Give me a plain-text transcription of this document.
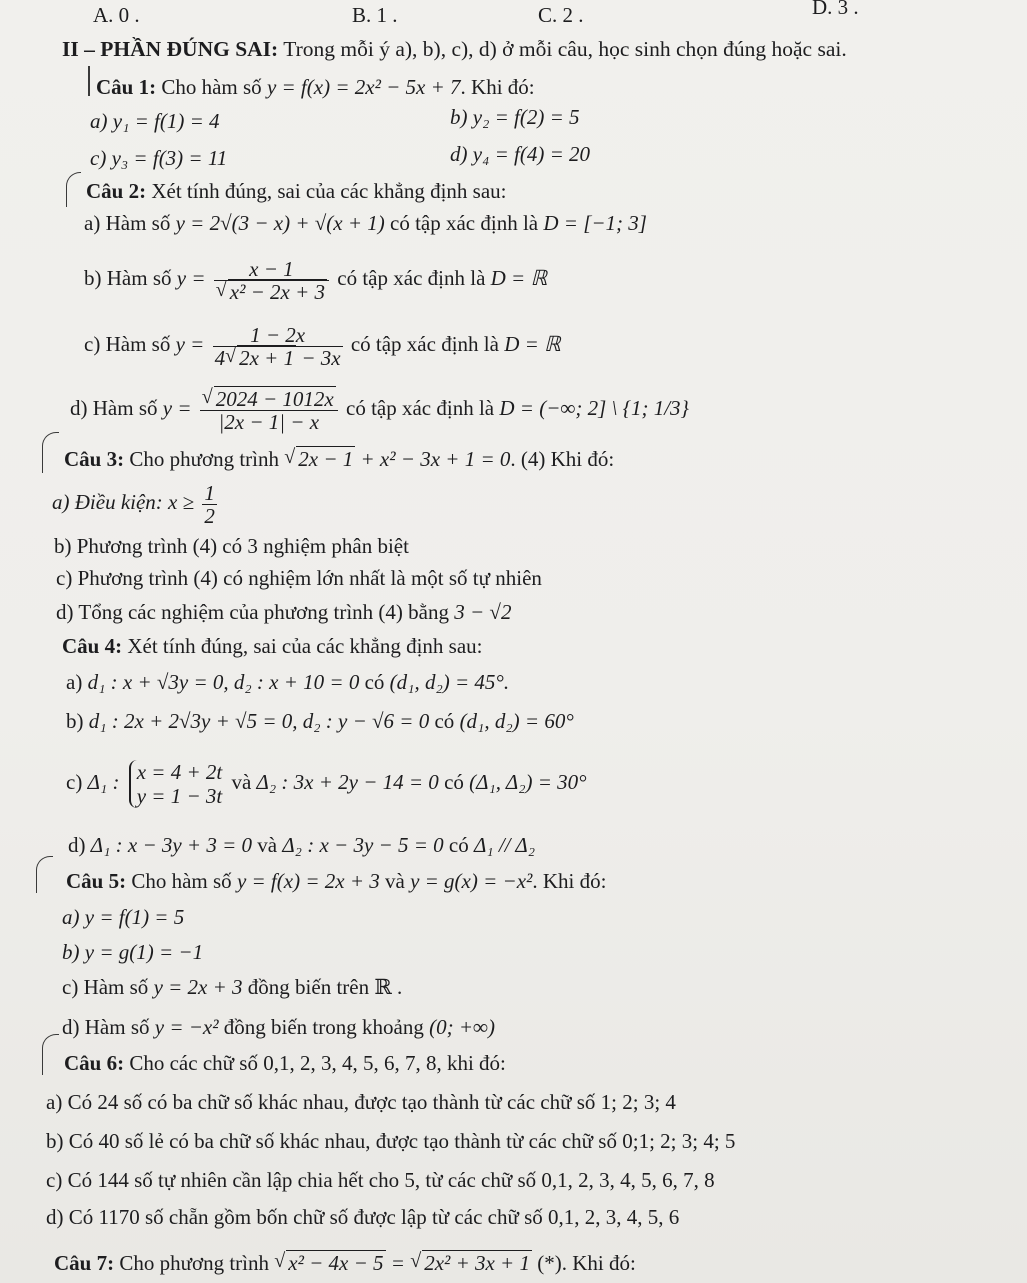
A. 0 .	B. 1 .	C. 2 .	D. 3 .
II – PHẦN ĐÚNG SAI: Trong mỗi ý a), b), c), d) ở mỗi câu, học sinh chọn đúng hoặc sai.
Câu 1: Cho hàm số y = f(x) = 2x² − 5x + 7. Khi đó:
a) y₁ = f(1) = 4	b) y₂ = f(2) = 5
c) y₃ = f(3) = 11	d) y₄ = f(4) = 20
Câu 2: Xét tính đúng, sai của các khẳng định sau:
a) Hàm số y = 2√(3 − x) + √(x + 1) có tập xác định là D = [−1; 3]
b) Hàm số y = x − 1
√ x² − 2x + 3 có tập xác định là D = ℝ
c) Hàm số $y = \frac{1 - 2x}{4 √ 2x + 1 - 3x}$ có tập xác định là D = ℝ
d) Hàm số y = √ $\frac{2024 - 1012x}{|2x - 1| - x}$ có tập xác định là D = (−∞; 2] \ {1; 1/3}
Câu 3: Cho phương trình √ 2x − 1 + x² − 3x + 1 = 0. (4) Khi đó:
a) Điều kiện: $x \ge \frac{1}{2}$
b) Phương trình (4) có 3 nghiệm phân biệt
c) Phương trình (4) có nghiệm lớn nhất là một số tự nhiên
d) Tổng các nghiệm của phương trình (4) bằng 3 − √2
Câu 4: Xét tính đúng, sai của các khẳng định sau:
a) d₁ : x + √3y = 0, d₂ : x + 10 = 0 có (d₁, d₂) = 45°.
b) d₁ : 2x + 2√3y + √5 = 0, d₂ : y − √6 = 0 có (d₁, d₂) = 60°
c) Δ₁ : x = 4 + 2t
y = 1 − 3t
và Δ₂ : 3x + 2y − 14 = 0 có (Δ₁, Δ₂) = 30°
d) Δ₁ : x − 3y + 3 = 0 và Δ₂ : x − 3y − 5 = 0 có Δ₁ // Δ₂
Câu 5: Cho hàm số y = f(x) = 2x + 3 và y = g(x) = −x². Khi đó:
a) y = f(1) = 5
b) y = g(1) = −1
c) Hàm số y = 2x + 3 đồng biến trên ℝ .
d) Hàm số y = −x² đồng biến trong khoảng (0; +∞)
Câu 6: Cho các chữ số 0,1, 2, 3, 4, 5, 6, 7, 8, khi đó:
a) Có 24 số có ba chữ số khác nhau, được tạo thành từ các chữ số 1; 2; 3; 4
b) Có 40 số lẻ có ba chữ số khác nhau, được tạo thành từ các chữ số 0;1; 2; 3; 4; 5
c) Có 144 số tự nhiên cần lập chia hết cho 5, từ các chữ số 0,1, 2, 3, 4, 5, 6, 7, 8
d) Có 1170 số chẵn gồm bốn chữ số được lập từ các chữ số 0,1, 2, 3, 4, 5, 6
Câu 7: Cho phương trình √ x² − 4x − 5 = √ 2x² + 3x + 1 (*). Khi đó:
